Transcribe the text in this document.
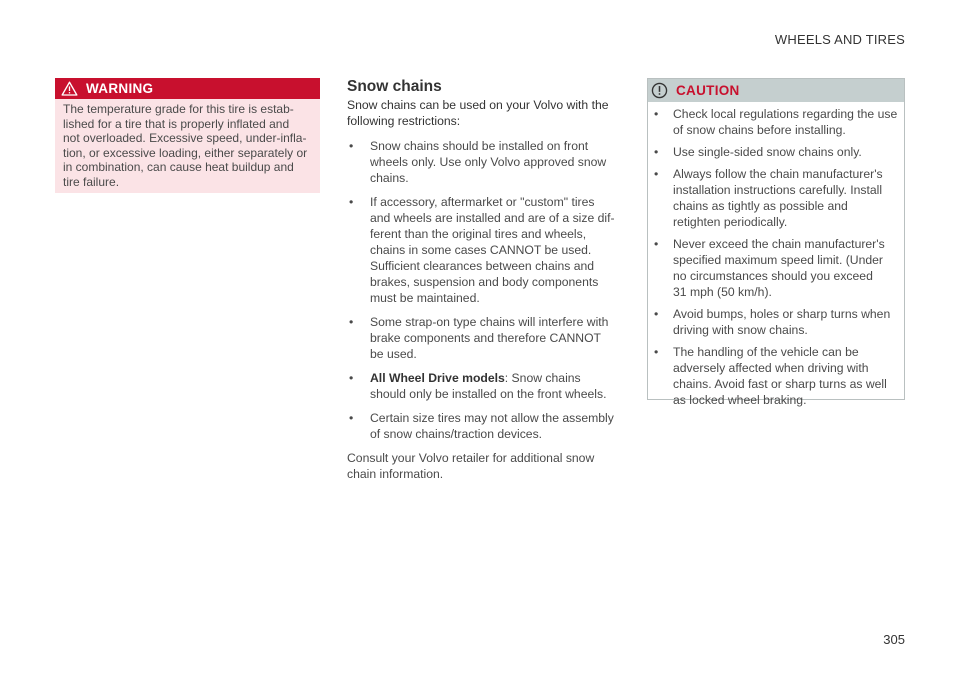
WHEELS AND TIRES
WARNING
The temperature grade for this tire is estab-
lished for a tire that is properly inflated and
not overloaded. Excessive speed, under-infla-
tion, or excessive loading, either separately or
in combination, can cause heat buildup and
tire failure.
Snow chains

Snow chains can be used on your Volvo with the
following restrictions:

• Snow chains should be installed on front
wheels only. Use only Volvo approved snow
chains.
• If accessory, aftermarket or "custom" tires
and wheels are installed and are of a size dif-
ferent than the original tires and wheels,
chains in some cases CANNOT be used.
Sufficient clearances between chains and
brakes, suspension and body components
must be maintained.
• Some strap-on type chains will interfere with
brake components and therefore CANNOT
be used.
• All Wheel Drive models: Snow chains
should only be installed on the front wheels.
• Certain size tires may not allow the assembly
of snow chains/traction devices.

Consult your Volvo retailer for additional snow
chain information.

CAUTION
• Check local regulations regarding the use
of snow chains before installing.
• Use single-sided snow chains only.
• Always follow the chain manufacturer's
installation instructions carefully. Install
chains as tightly as possible and
retighten periodically.
• Never exceed the chain manufacturer's
specified maximum speed limit. (Under
no circumstances should you exceed
31 mph (50 km/h).
• Avoid bumps, holes or sharp turns when
driving with snow chains.
• The handling of the vehicle can be
adversely affected when driving with
chains. Avoid fast or sharp turns as well
as locked wheel braking.
305
